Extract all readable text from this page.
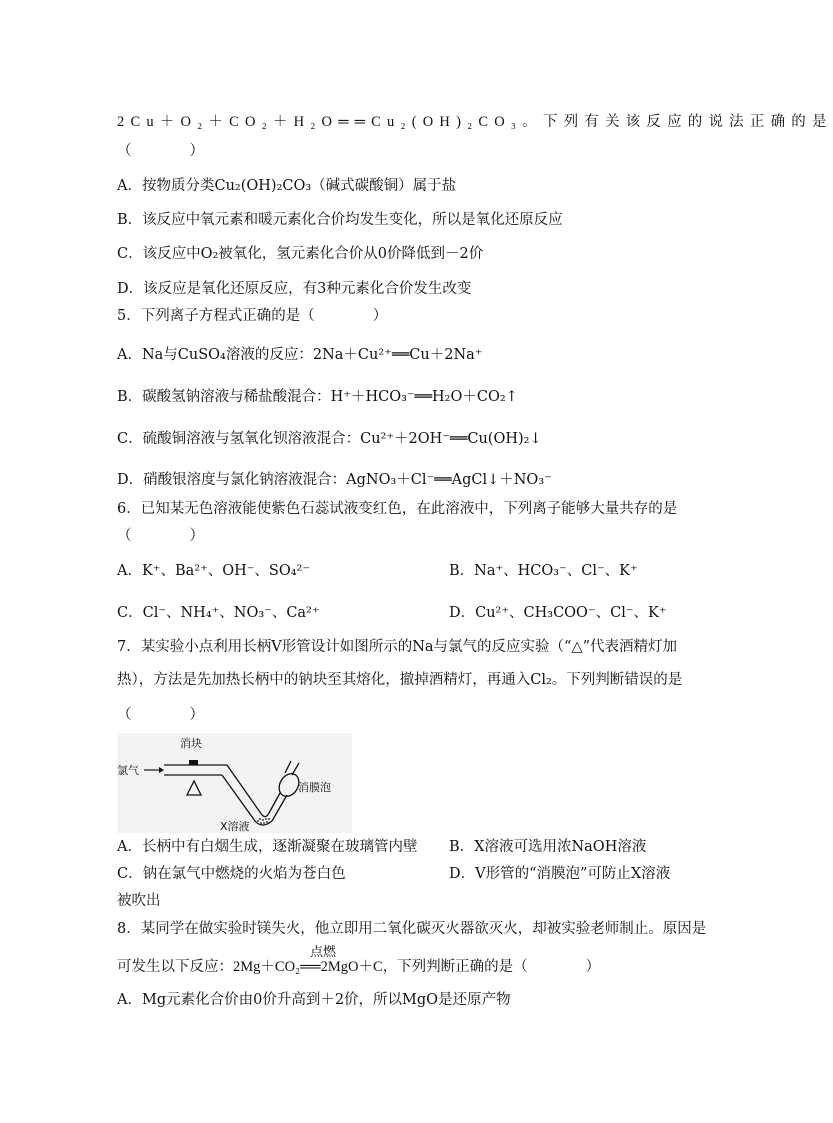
2Cu＋O₂＋CO₂＋H₂O══Cu₂(OH)₂CO₃。下列有关该反应的说法正确的是
（　　　　）
A．按物质分类Cu₂(OH)₂CO₃（碱式碳酸铜）属于盐
B．该反应中氧元素和暖元素化合价均发生变化，所以是氧化还原反应
C．该反应中O₂被氧化，氢元素化合价从0价降低到－2价
D．该反应是氧化还原反应，有3种元素化合价发生改变
5．下列离子方程式正确的是（　　　　）
A．Na与CuSO₄溶液的反应：2Na＋Cu²⁺══Cu＋2Na⁺
B．碳酸氢钠溶液与稀盐酸混合：H⁺＋HCO₃⁻══H₂O＋CO₂↑
C．硫酸铜溶液与氢氧化钡溶液混合：Cu²⁺＋2OH⁻══Cu(OH)₂↓
D．硝酸银溶度与氯化钠溶液混合：AgNO₃＋Cl⁻══AgCl↓＋NO₃⁻
6．已知某无色溶液能使紫色石蕊试液变红色，在此溶液中，下列离子能够大量共存的是
（　　　　）
A．K⁺、Ba²⁺、OH⁻、SO₄²⁻	B．Na⁺、HCO₃⁻、Cl⁻、K⁺
C．Cl⁻、NH₄⁺、NO₃⁻、Ca²⁺	D．Cu²⁺、CH₃COO⁻、Cl⁻、K⁺
7．某实验小点利用长柄V形管设计如图所示的Na与氯气的反应实验（“△”代表酒精灯加
热），方法是先加热长柄中的钠块至其熔化，撤掉酒精灯，再通入Cl₂。下列判断错误的是
（　　　　）
消块
氯气
消膜泡
X溶液
A．长柄中有白烟生成，逐渐凝聚在玻璃管内壁 B．X溶液可选用浓NaOH溶液
C．钠在氯气中燃烧的火焰为苍白色	D．V形管的“消膜泡”可防止X溶液
被吹出
8．某同学在做实验时镁失火，他立即用二氧化碳灭火器欲灭火，却被实验老师制止。原因是
点燃
可发生以下反应：2Mg＋CO₂══2MgO＋C，下列判断正确的是（　　　　）
A．Mg元素化合价由0价升高到＋2价，所以MgO是还原产物
